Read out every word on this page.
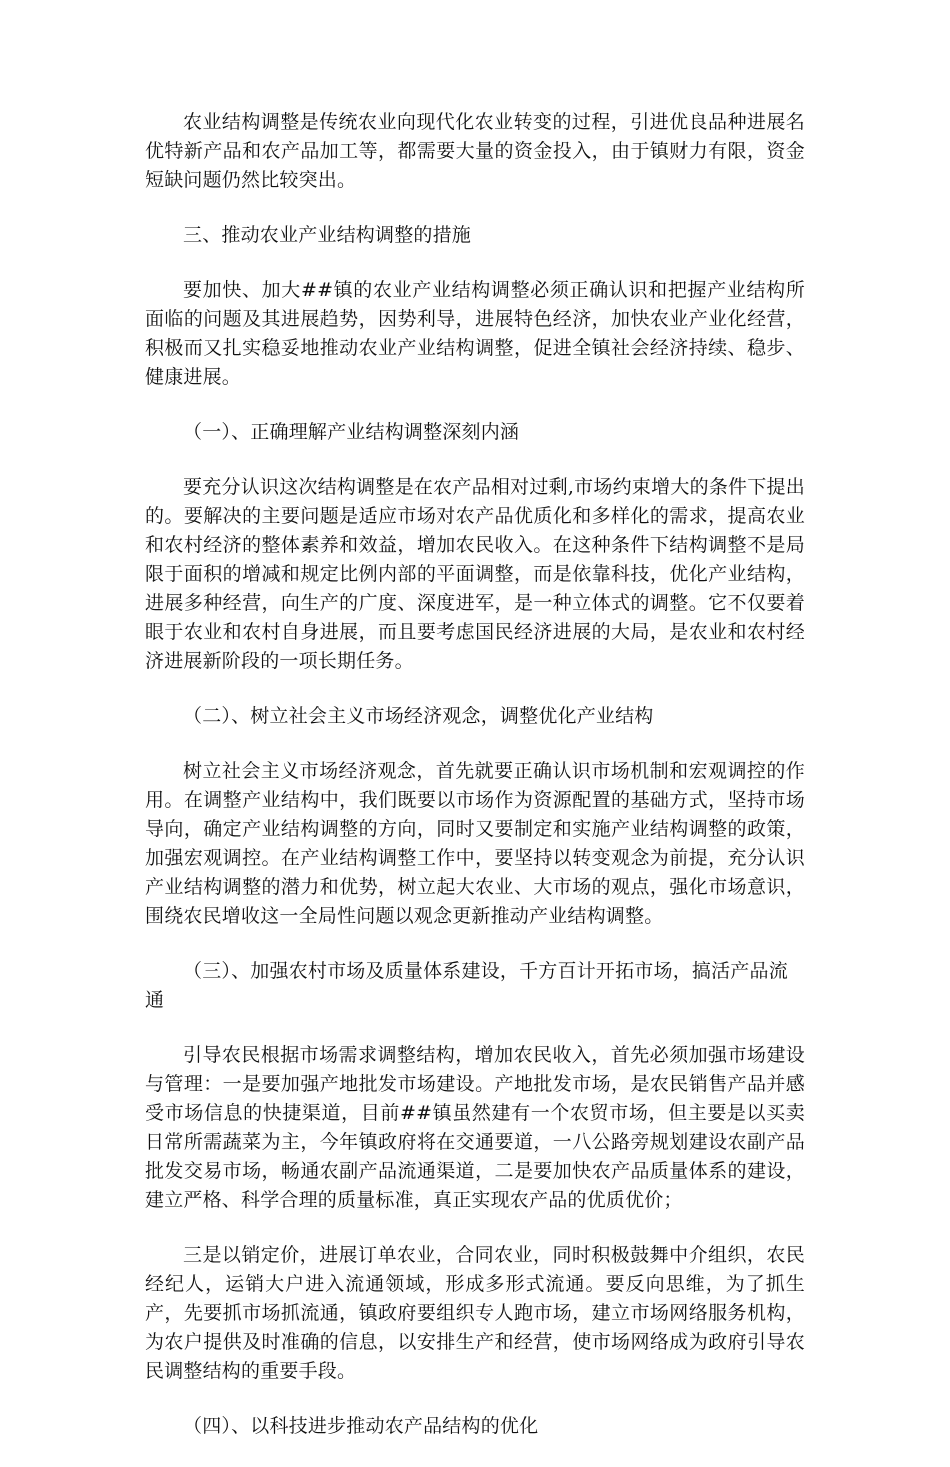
农业结构调整是传统农业向现代化农业转变的过程，引进优良品种进展名优特新产品和农产品加工等，都需要大量的资金投入，由于镇财力有限，资金短缺问题仍然比较突出。

三、推动农业产业结构调整的措施

要加快、加大##镇的农业产业结构调整必须正确认识和把握产业结构所面临的问题及其进展趋势，因势利导，进展特色经济，加快农业产业化经营，积极而又扎实稳妥地推动农业产业结构调整，促进全镇社会经济持续、稳步、健康进展。

（一）、正确理解产业结构调整深刻内涵

要充分认识这次结构调整是在农产品相对过剩,市场约束增大的条件下提出的。要解决的主要问题是适应市场对农产品优质化和多样化的需求，提高农业和农村经济的整体素养和效益，增加农民收入。在这种条件下结构调整不是局限于面积的增减和规定比例内部的平面调整，而是依靠科技，优化产业结构，进展多种经营，向生产的广度、深度进军，是一种立体式的调整。它不仅要着眼于农业和农村自身进展，而且要考虑国民经济进展的大局，是农业和农村经济进展新阶段的一项长期任务。

（二）、树立社会主义市场经济观念，调整优化产业结构

树立社会主义市场经济观念，首先就要正确认识市场机制和宏观调控的作用。在调整产业结构中，我们既要以市场作为资源配置的基础方式，坚持市场导向，确定产业结构调整的方向，同时又要制定和实施产业结构调整的政策，加强宏观调控。在产业结构调整工作中，要坚持以转变观念为前提，充分认识产业结构调整的潜力和优势，树立起大农业、大市场的观点，强化市场意识，围绕农民增收这一全局性问题以观念更新推动产业结构调整。

（三）、加强农村市场及质量体系建设，千方百计开拓市场，搞活产品流通

引导农民根据市场需求调整结构，增加农民收入，首先必须加强市场建设与管理：一是要加强产地批发市场建设。产地批发市场，是农民销售产品并感受市场信息的快捷渠道，目前##镇虽然建有一个农贸市场，但主要是以买卖日常所需蔬菜为主，今年镇政府将在交通要道，一八公路旁规划建设农副产品批发交易市场，畅通农副产品流通渠道，二是要加快农产品质量体系的建设，建立严格、科学合理的质量标准，真正实现农产品的优质优价；

三是以销定价，进展订单农业，合同农业，同时积极鼓舞中介组织，农民经纪人，运销大户进入流通领域，形成多形式流通。要反向思维，为了抓生产，先要抓市场抓流通，镇政府要组织专人跑市场，建立市场网络服务机构，为农户提供及时准确的信息，以安排生产和经营，使市场网络成为政府引导农民调整结构的重要手段。

（四）、以科技进步推动农产品结构的优化
